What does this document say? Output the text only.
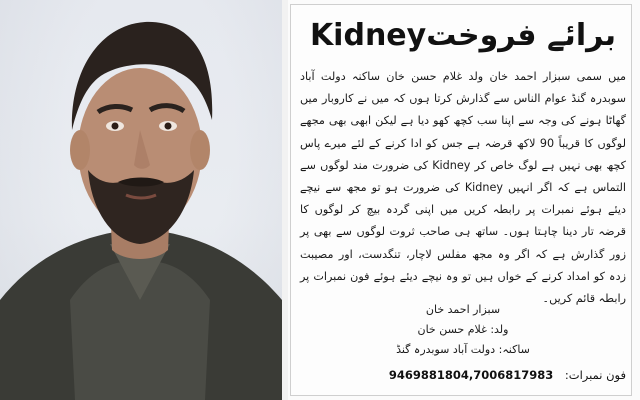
برائے فروختKidney
میں سمی سبزار احمد خان ولد غلام حسن خان ساکنہ دولت آباد سوبدرہ گنڈ عوام الناس سے گذارش کرتا ہوں کہ میں نے کاروبار میں گھاٹا ہونے کی وجہ سے اپنا سب کچھ کھو دیا ہے لیکن ابھی بھی مجھے لوگوں کا قریباً 90 لاکھ قرضہ ہے جس کو ادا کرنے کے لئے میرے پاس کچھ بھی نہیں ہے لوگ خاص کر Kidney کی ضرورت مند لوگوں سے التماس ہے کہ اگر انہیں Kidney کی ضرورت ہو تو مجھ سے نیچے دیئے ہوئے نمبرات پر رابطہ کریں میں اپنی گردہ بیچ کر لوگوں کا قرضہ تار دینا چاہتا ہوں۔ ساتھ ہی صاحب ثروت لوگوں سے بھی پر زور گذارش ہے کہ اگر وہ مجھ مفلس لاچار، تنگدست، اور مصیبت زدہ کو امداد کرنے کے خواں ہیں تو وہ نیچے دیئے ہوئے فون نمبرات پر رابطہ قائم کریں۔
سبزار احمد خان
ولد: غلام حسن خان
ساکنہ: دولت آباد سوبدرہ گنڈ
فون نمبرات: 9469881804,7006817983
